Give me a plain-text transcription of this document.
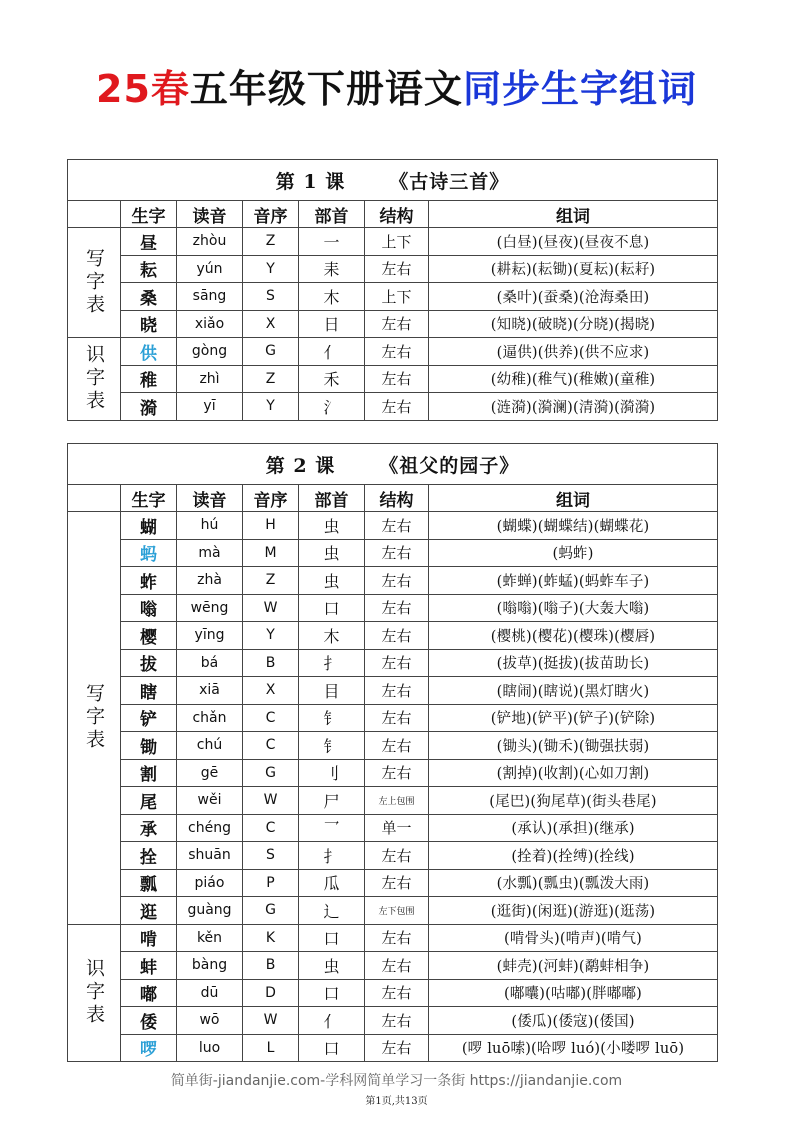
25春五年级下册语文同步生字组词
第 1 课 《古诗三首》						
	生字	读音	音序	部首	结构	组词
写字表	昼	zhòu	Z	一	上下	(白昼)(昼夜)(昼夜不息)
	耘	yún	Y	耒	左右	(耕耘)(耘锄)(夏耘)(耘耔)
	桑	sāng	S	木	上下	(桑叶)(蚕桑)(沧海桑田)
	晓	xiǎo	X	日	左右	(知晓)(破晓)(分晓)(揭晓)
识字表	供	gòng	G	亻	左右	(逼供)(供养)(供不应求)
	稚	zhì	Z	禾	左右	(幼稚)(稚气)(稚嫩)(童稚)
	漪	yī	Y	氵	左右	(涟漪)(漪澜)(清漪)(漪漪)
第 2 课 《祖父的园子》						
	生字	读音	音序	部首	结构	组词
写字表	蝴	hú	H	虫	左右	(蝴蝶)(蝴蝶结)(蝴蝶花)
	蚂	mà	M	虫	左右	(蚂蚱)
	蚱	zhà	Z	虫	左右	(蚱蝉)(蚱蜢)(蚂蚱车子)
	嗡	wēng	W	口	左右	(嗡嗡)(嗡子)(大轰大嗡)
	樱	yīng	Y	木	左右	(樱桃)(樱花)(樱珠)(樱唇)
	拔	bá	B	扌	左右	(拔草)(挺拔)(拔苗助长)
	瞎	xiā	X	目	左右	(瞎闹)(瞎说)(黑灯瞎火)
	铲	chǎn	C	钅	左右	(铲地)(铲平)(铲子)(铲除)
	锄	chú	C	钅	左右	(锄头)(锄禾)(锄强扶弱)
	割	gē	G	刂	左右	(割掉)(收割)(心如刀割)
	尾	wěi	W	尸	左上包围	(尾巴)(狗尾草)(街头巷尾)
	承	chéng	C	乛	单一	(承认)(承担)(继承)
	拴	shuān	S	扌	左右	(拴着)(拴缚)(拴线)
	瓢	piáo	P	瓜	左右	(水瓢)(瓢虫)(瓢泼大雨)
	逛	guàng	G	辶	左下包围	(逛街)(闲逛)(游逛)(逛荡)
识字表	啃	kěn	K	口	左右	(啃骨头)(啃声)(啃气)
	蚌	bàng	B	虫	左右	(蚌壳)(河蚌)(鹬蚌相争)
	嘟	dū	D	口	左右	(嘟囔)(咕嘟)(胖嘟嘟)
	倭	wō	W	亻	左右	(倭瓜)(倭寇)(倭国)
	啰	luo	L	口	左右	(啰 luō嗦)(哈啰 luó)(小喽啰 luō)
简单街-jiandanjie.com-学科网简单学习一条街 https://jiandanjie.com
第1页,共13页
